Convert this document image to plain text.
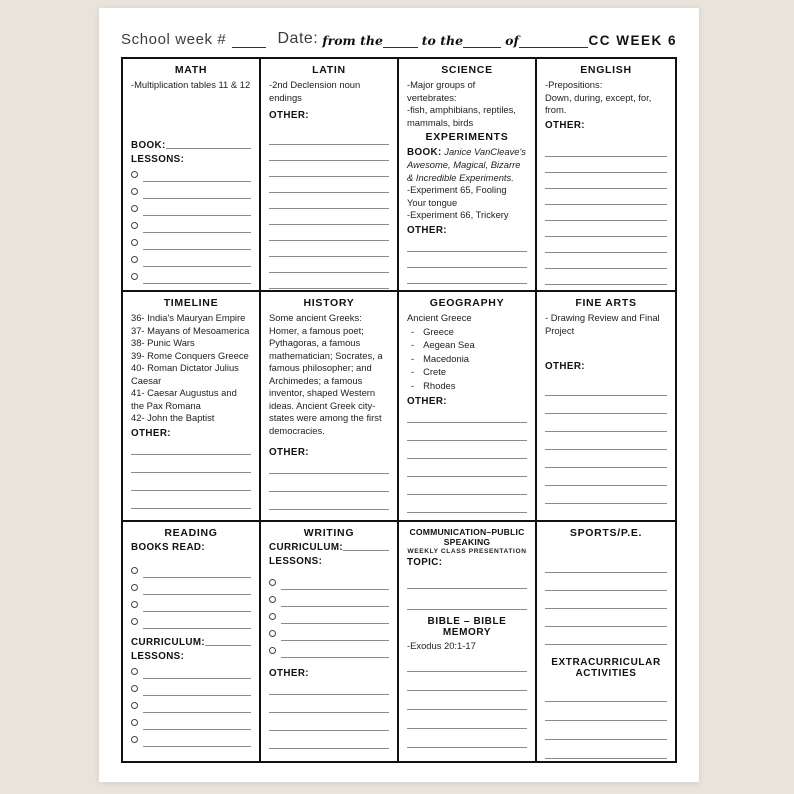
School week #	Date: from the	to the	of	CC WEEK 6
MATH
-Multiplication tables 11 & 12
BOOK:
LESSONS:
LATIN
-2nd Declension noun endings
OTHER:
SCIENCE
-Major groups of vertebrates:
-fish, amphibians, reptiles, mammals, birds
EXPERIMENTS
BOOK: Janice VanCleave's Awesome, Magical, Bizarre & Incredible Experiments.
-Experiment 65, Fooling Your tongue
-Experiment 66, Trickery
OTHER:
ENGLISH
-Prepositions:
Down, during, except, for, from.
OTHER:
TIMELINE
36- India's Mauryan Empire
37- Mayans of Mesoamerica
38- Punic Wars
39- Rome Conquers Greece
40- Roman Dictator Julius Caesar
41- Caesar Augustus and the Pax Romana
42- John the Baptist
OTHER:
HISTORY
Some ancient Greeks: Homer, a famous poet; Pythagoras, a famous mathematician; Socrates, a famous philosopher; and Archimedes; a famous inventor, shaped Western ideas. Ancient Greek city-states were among the first democracies.
OTHER:
GEOGRAPHY
Ancient Greece
- Greece
- Aegean Sea
- Macedonia
- Crete
- Rhodes
OTHER:
FINE ARTS
- Drawing Review and Final Project
OTHER:
READING
BOOKS READ:
CURRICULUM:
LESSONS:
WRITING
CURRICULUM:
LESSONS:
OTHER:
COMMUNICATION–PUBLIC SPEAKING
WEEKLY CLASS PRESENTATION
TOPIC:
BIBLE – BIBLE MEMORY
-Exodus 20:1-17
SPORTS/P.E.
EXTRACURRICULAR ACTIVITIES
